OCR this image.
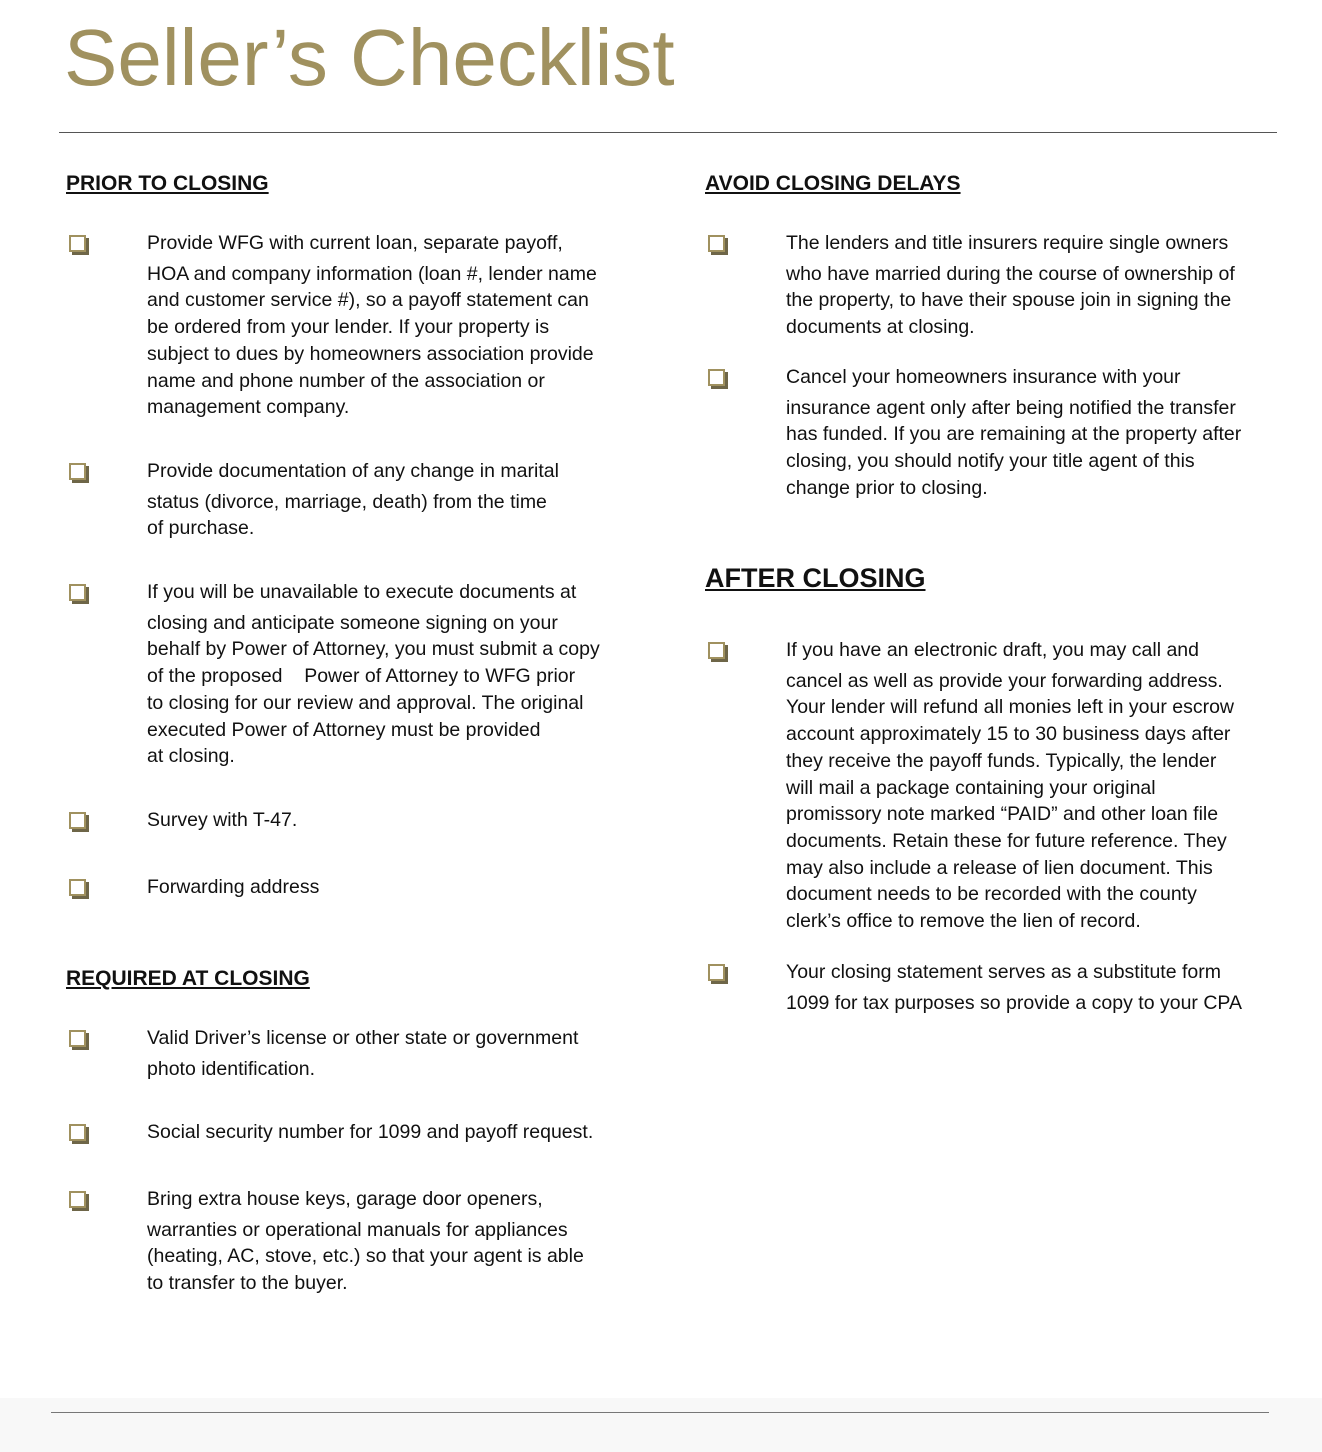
Seller’s Checklist
PRIOR TO CLOSING
Provide WFG with current loan, separate payoff,
HOA and company information (loan #, lender name
and customer service #), so a payoff statement can
be ordered from your lender. If your property is
subject to dues by homeowners association provide
name and phone number of the association or
management company.
Provide documentation of any change in marital
status (divorce, marriage, death) from the time
of purchase.
If you will be unavailable to execute documents at
closing and anticipate someone signing on your
behalf by Power of Attorney, you must submit a copy
of the proposed    Power of Attorney to WFG prior
to closing for our review and approval. The original
executed Power of Attorney must be provided
at closing.
Survey with T-47.
Forwarding address
REQUIRED AT CLOSING
Valid Driver’s license or other state or government
photo identification.
Social security number for 1099 and payoff request.
Bring extra house keys, garage door openers,
warranties or operational manuals for appliances
(heating, AC, stove, etc.) so that your agent is able
to transfer to the buyer.
AVOID CLOSING DELAYS
The lenders and title insurers require single owners
who have married during the course of ownership of
the property, to have their spouse join in signing the
documents at closing.
Cancel your homeowners insurance with your
insurance agent only after being notified the transfer
has funded. If you are remaining at the property after
closing, you should notify your title agent of this
change prior to closing.
AFTER CLOSING
If you have an electronic draft, you may call and
cancel as well as provide your forwarding address.
Your lender will refund all monies left in your escrow
account approximately 15 to 30 business days after
they receive the payoff funds. Typically, the lender
will mail a package containing your original
promissory note marked “PAID” and other loan file
documents. Retain these for future reference. They
may also include a release of lien document. This
document needs to be recorded with the county
clerk’s office to remove the lien of record.
Your closing statement serves as a substitute form
1099 for tax purposes so provide a copy to your CPA
